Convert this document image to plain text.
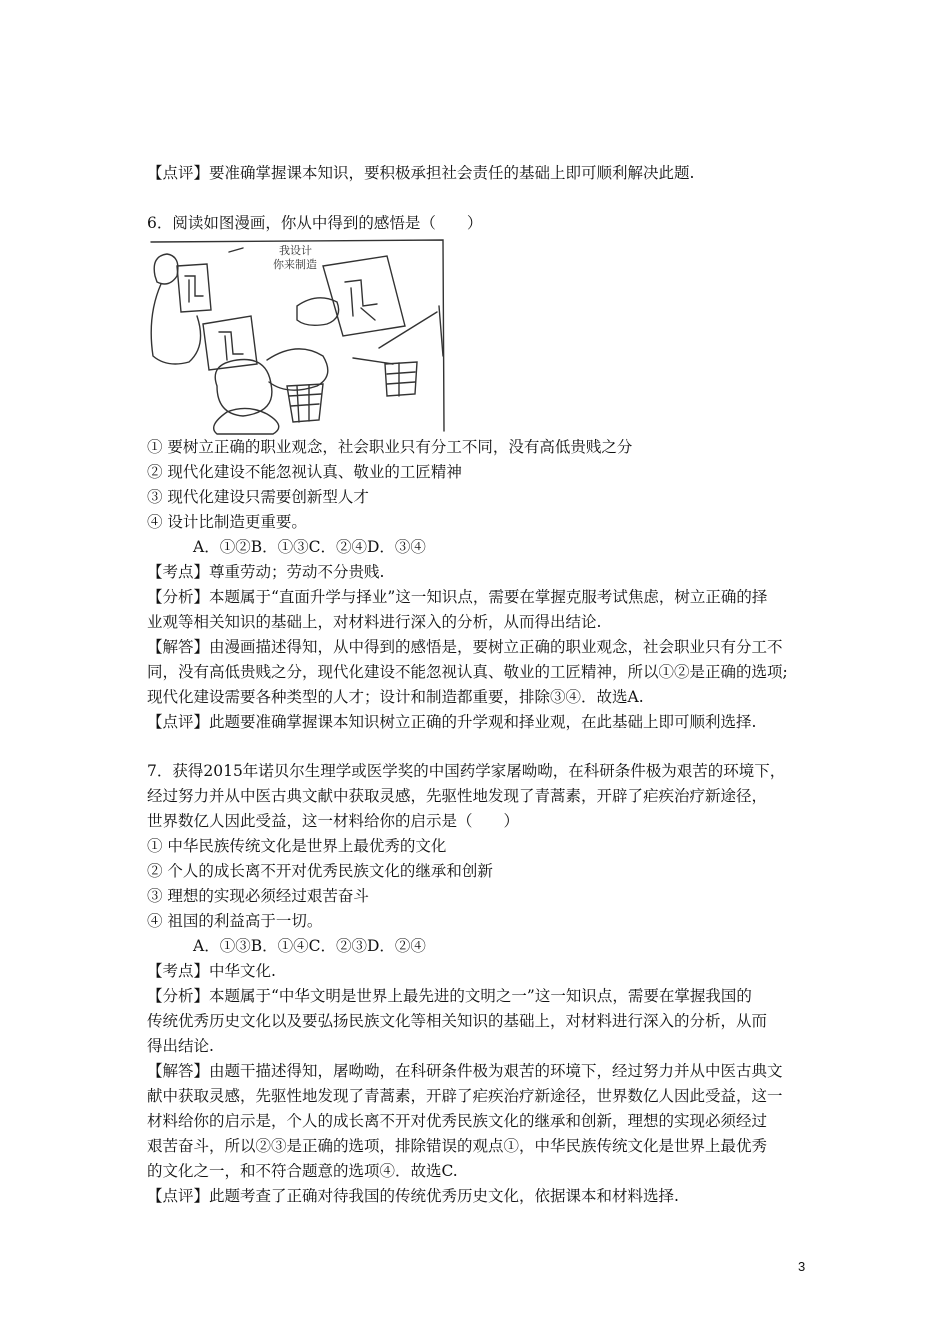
【点评】要准确掌握课本知识，要积极承担社会责任的基础上即可顺利解决此题.
6．阅读如图漫画，你从中得到的感悟是（　　）
我设计
你来制造
① 要树立正确的职业观念，社会职业只有分工不同，没有高低贵贱之分
② 现代化建设不能忽视认真、敬业的工匠精神
③ 现代化建设只需要创新型人才
④ 设计比制造更重要。
A．①②B．①③C．②④D．③④
【考点】尊重劳动；劳动不分贵贱.
【分析】本题属于“直面升学与择业”这一知识点，需要在掌握克服考试焦虑，树立正确的择
业观等相关知识的基础上，对材料进行深入的分析，从而得出结论.
【解答】由漫画描述得知，从中得到的感悟是，要树立正确的职业观念，社会职业只有分工不
同，没有高低贵贱之分，现代化建设不能忽视认真、敬业的工匠精神，所以①②是正确的选项;
现代化建设需要各种类型的人才；设计和制造都重要，排除③④．故选A.
【点评】此题要准确掌握课本知识树立正确的升学观和择业观，在此基础上即可顺利选择.
7．获得2015年诺贝尔生理学或医学奖的中国药学家屠呦呦，在科研条件极为艰苦的环境下，
经过努力并从中医古典文献中获取灵感，先驱性地发现了青蒿素，开辟了疟疾治疗新途径，
世界数亿人因此受益，这一材料给你的启示是（　　）
① 中华民族传统文化是世界上最优秀的文化
② 个人的成长离不开对优秀民族文化的继承和创新
③ 理想的实现必须经过艰苦奋斗
④ 祖国的利益高于一切。
A．①③B．①④C．②③D．②④
【考点】中华文化.
【分析】本题属于“中华文明是世界上最先进的文明之一”这一知识点，需要在掌握我国的
传统优秀历史文化以及要弘扬民族文化等相关知识的基础上，对材料进行深入的分析，从而
得出结论.
【解答】由题干描述得知，屠呦呦，在科研条件极为艰苦的环境下，经过努力并从中医古典文
献中获取灵感，先驱性地发现了青蒿素，开辟了疟疾治疗新途径，世界数亿人因此受益，这一
材料给你的启示是，个人的成长离不开对优秀民族文化的继承和创新，理想的实现必须经过
艰苦奋斗，所以②③是正确的选项，排除错误的观点①，中华民族传统文化是世界上最优秀
的文化之一，和不符合题意的选项④．故选C.
【点评】此题考查了正确对待我国的传统优秀历史文化，依据课本和材料选择.
3
